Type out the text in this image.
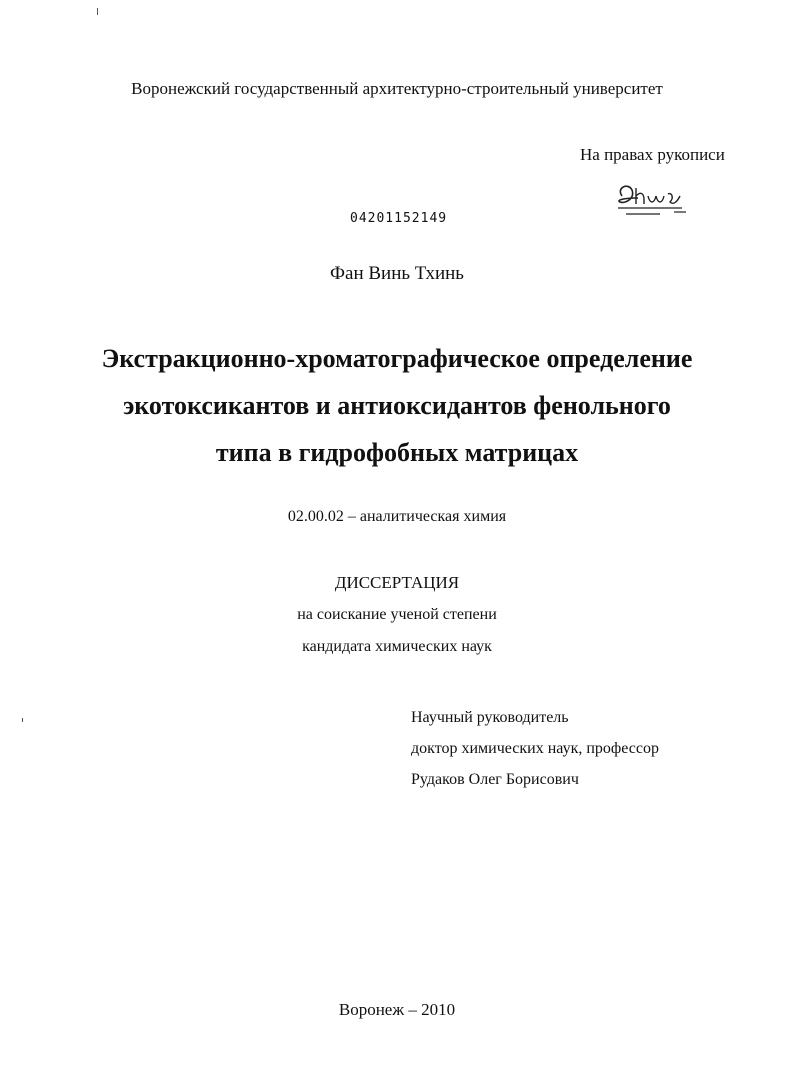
Воронежский государственный архитектурно-строительный университет
На правах рукописи
04201152149
Фан Винь Тхинь
Экстракционно-хроматографическое определение
экотоксикантов и антиоксидантов фенольного
типа в гидрофобных матрицах
02.00.02 – аналитическая химия
ДИССЕРТАЦИЯ
на соискание ученой степени
кандидата химических наук
Научный руководитель
доктор химических наук, профессор
Рудаков Олег Борисович
Воронеж – 2010
